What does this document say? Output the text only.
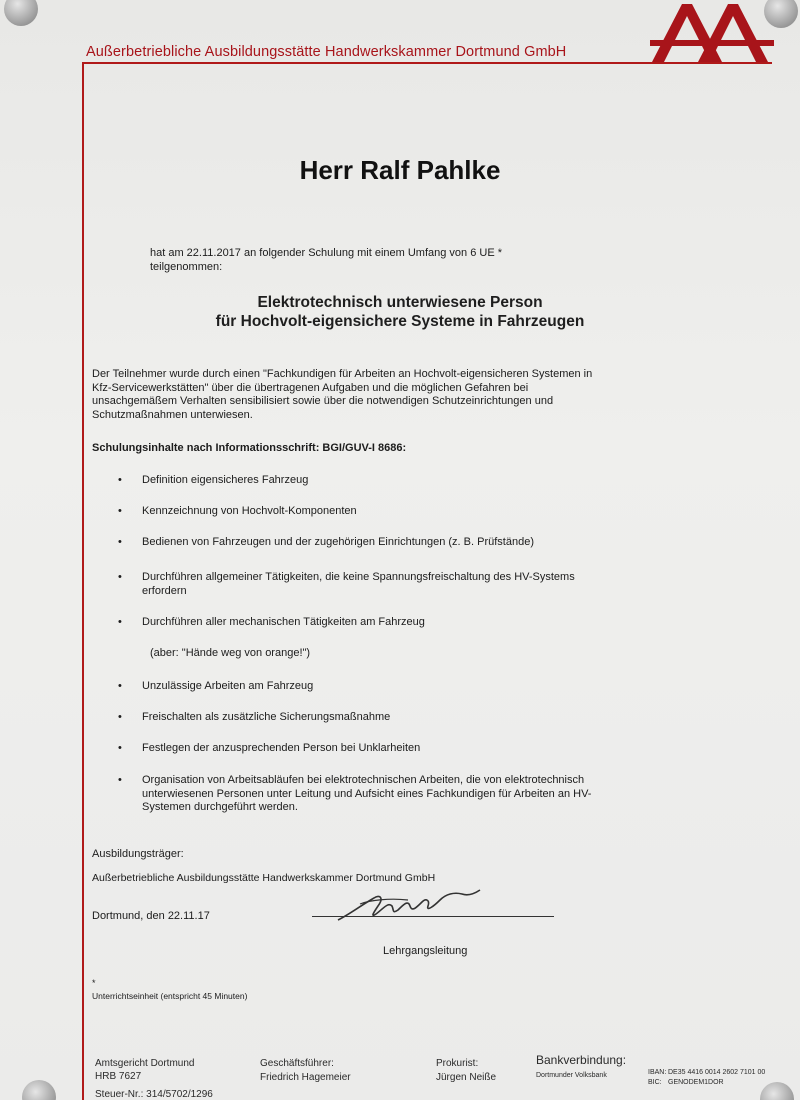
Außerbetriebliche Ausbildungsstätte Handwerkskammer Dortmund GmbH
Herr Ralf Pahlke
hat am 22.11.2017 an folgender Schulung mit einem Umfang von 6 UE *
teilgenommen:
Elektrotechnisch unterwiesene Person
für Hochvolt-eigensichere Systeme in Fahrzeugen
Der Teilnehmer wurde durch einen "Fachkundigen für Arbeiten an Hochvolt-eigensicheren Systemen in
Kfz-Servicewerkstätten" über die übertragenen Aufgaben und die möglichen Gefahren bei
unsachgemäßem Verhalten sensibilisiert sowie über die notwendigen Schutzeinrichtungen und
Schutzmaßnahmen unterwiesen.
Schulungsinhalte nach Informationsschrift: BGI/GUV-I 8686:
• Definition eigensicheres Fahrzeug
• Kennzeichnung von Hochvolt-Komponenten
• Bedienen von Fahrzeugen und der zugehörigen Einrichtungen (z. B. Prüfstände)
• Durchführen allgemeiner Tätigkeiten, die keine Spannungsfreischaltung des HV-Systems
erfordern
• Durchführen aller mechanischen Tätigkeiten am Fahrzeug
(aber: "Hände weg von orange!")
• Unzulässige Arbeiten am Fahrzeug
• Freischalten als zusätzliche Sicherungsmaßnahme
• Festlegen der anzusprechenden Person bei Unklarheiten
• Organisation von Arbeitsabläufen bei elektrotechnischen Arbeiten, die von elektrotechnisch
unterwiesenen Personen unter Leitung und Aufsicht eines Fachkundigen für Arbeiten an HV-
Systemen durchgeführt werden.
Ausbildungsträger:
Außerbetriebliche Ausbildungsstätte Handwerkskammer Dortmund GmbH
Dortmund, den 22.11.17
Lehrgangsleitung
*
Unterrichtseinheit (entspricht 45 Minuten)
Amtsgericht Dortmund
HRB 7627
Steuer-Nr.: 314/5702/1296
Geschäftsführer:
Friedrich Hagemeier
Prokurist:
Jürgen Neiße
Bankverbindung:
Dortmunder Volksbank	IBAN: DE35 4416 0014 2602 7101 00
BIC: GENODEM1DOR
